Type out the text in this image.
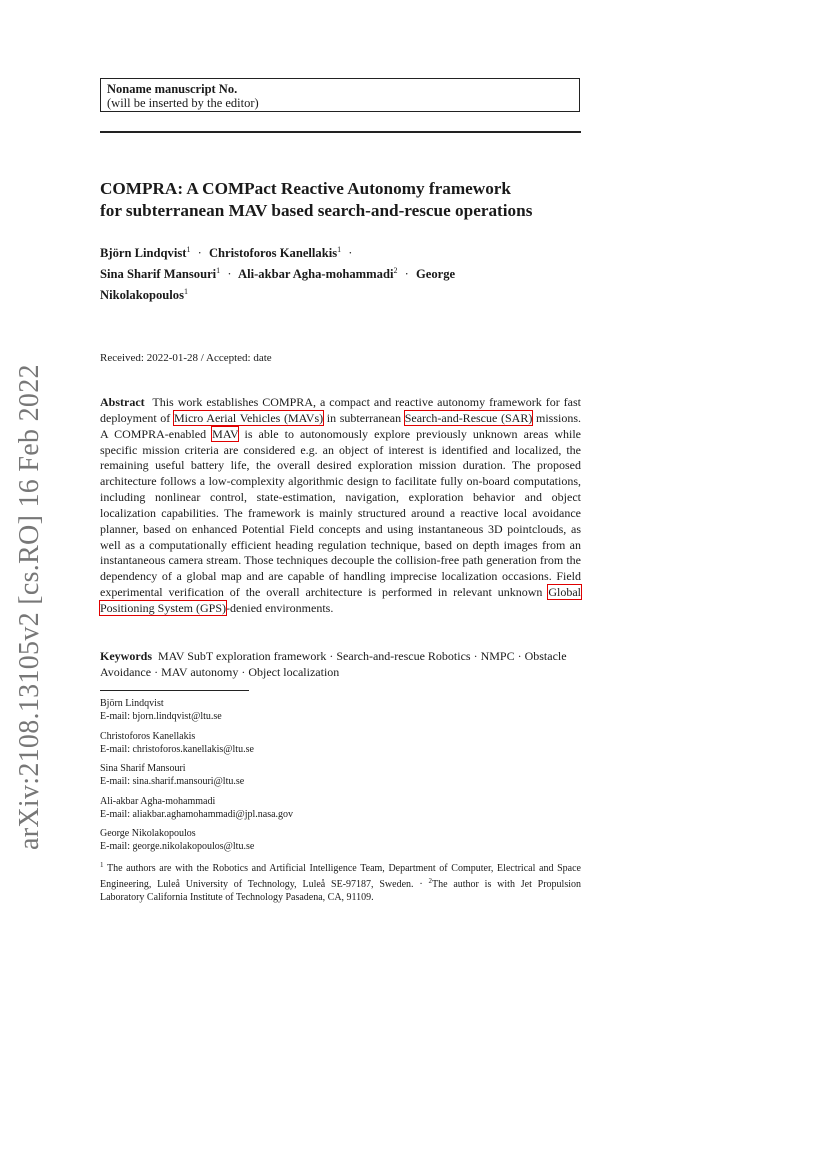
Noname manuscript No.
(will be inserted by the editor)
COMPRA: A COMPact Reactive Autonomy framework
for subterranean MAV based search-and-rescue operations
Björn Lindqvist$^1$ · Christoforos Kanellakis$^1$ ·
Sina Sharif Mansouri$^1$ · Ali-akbar Agha-mohammadi$^2$ · George Nikolakopoulos$^1$
Received: 2022-01-28 / Accepted: date
Abstract This work establishes COMPRA, a compact and reactive autonomy framework for fast deployment of Micro Aerial Vehicles (MAVs) in subterranean Search-and-Rescue (SAR) missions. A COMPRA-enabled MAV is able to autonomously explore previously unknown areas while specific mission criteria are considered e.g. an object of interest is identified and localized, the remaining useful battery life, the overall desired exploration mission duration. The proposed architecture follows a low-complexity algorithmic design to facilitate fully on-board computations, including nonlinear control, state-estimation, navigation, exploration behavior and object localization capabilities. The framework is mainly structured around a reactive local avoidance planner, based on enhanced Potential Field concepts and using instantaneous 3D pointclouds, as well as a computationally efficient heading regulation technique, based on depth images from an instantaneous camera stream. Those techniques decouple the collision-free path generation from the dependency of a global map and are capable of handling imprecise localization occasions. Field experimental verification of the overall architecture is performed in relevant unknown Global Positioning System (GPS)-denied environments.
Keywords MAV SubT exploration framework · Search-and-rescue Robotics · NMPC · Obstacle Avoidance · MAV autonomy · Object localization
Björn Lindqvist
E-mail: bjorn.lindqvist@ltu.se
Christoforos Kanellakis
E-mail: christoforos.kanellakis@ltu.se
Sina Sharif Mansouri
E-mail: sina.sharif.mansouri@ltu.se
Ali-akbar Agha-mohammadi
E-mail: aliakbar.aghamohammadi@jpl.nasa.gov
George Nikolakopoulos
E-mail: george.nikolakopoulos@ltu.se
$^1$ The authors are with the Robotics and Artificial Intelligence Team, Department of Computer, Electrical and Space Engineering, Luleå University of Technology, Luleå SE-97187, Sweden. · $^2$The author is with Jet Propulsion Laboratory California Institute of Technology Pasadena, CA, 91109.
arXiv:2108.13105v2 [cs.RO] 16 Feb 2022
